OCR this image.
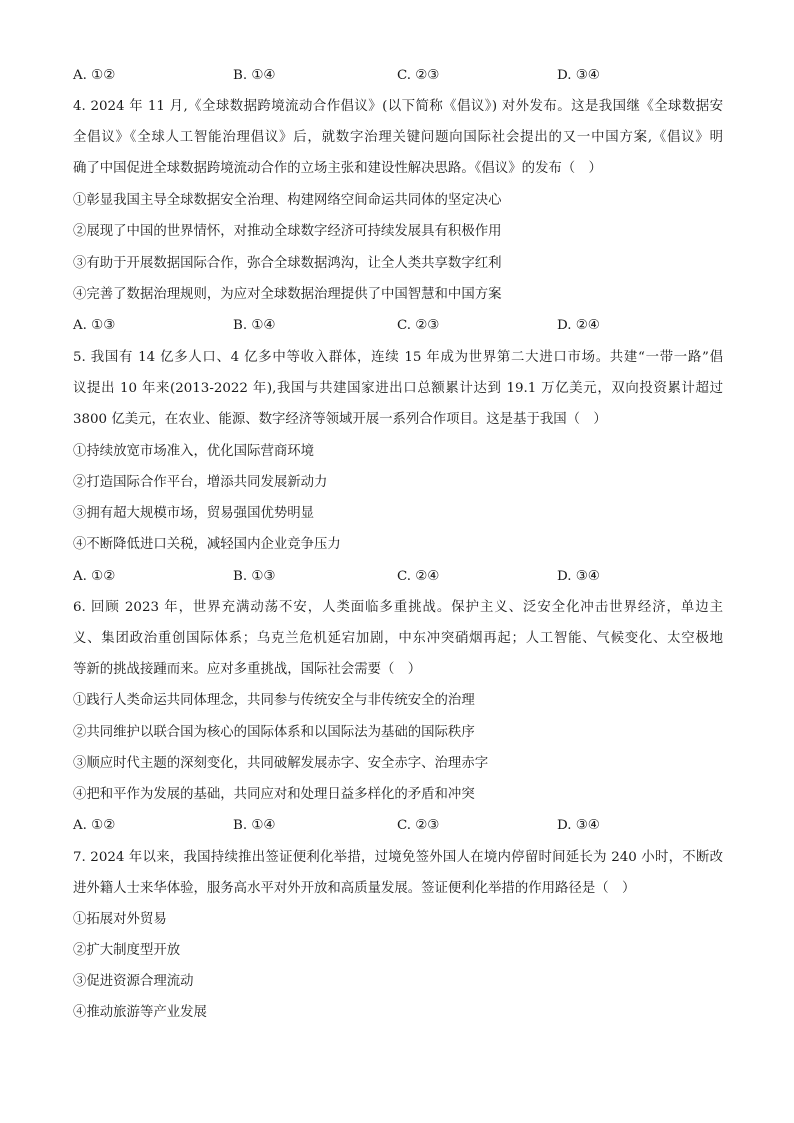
A. ①②	B. ①④	C. ②③	D. ③④
4. 2024 年 11 月,《全球数据跨境流动合作倡议》(以下简称《倡议》) 对外发布。这是我国继《全球数据安
全倡议》《全球人工智能治理倡议》后，就数字治理关键问题向国际社会提出的又一中国方案,《倡议》明
确了中国促进全球数据跨境流动合作的立场主张和建设性解决思路。《倡议》的发布（　）
①彰显我国主导全球数据安全治理、构建网络空间命运共同体的坚定决心
②展现了中国的世界情怀，对推动全球数字经济可持续发展具有积极作用
③有助于开展数据国际合作，弥合全球数据鸿沟，让全人类共享数字红利
④完善了数据治理规则，为应对全球数据治理提供了中国智慧和中国方案
A. ①③	B. ①④	C. ②③	D. ②④
5. 我国有 14 亿多人口、4 亿多中等收入群体，连续 15 年成为世界第二大进口市场。共建“一带一路”倡
议提出 10 年来(2013-2022 年),我国与共建国家进出口总额累计达到 19.1 万亿美元，双向投资累计超过
3800 亿美元，在农业、能源、数字经济等领域开展一系列合作项目。这是基于我国（　）
①持续放宽市场准入，优化国际营商环境
②打造国际合作平台，增添共同发展新动力
③拥有超大规模市场，贸易强国优势明显
④不断降低进口关税，减轻国内企业竞争压力
A. ①②	B. ①③	C. ②④	D. ③④
6. 回顾 2023 年，世界充满动荡不安，人类面临多重挑战。保护主义、泛安全化冲击世界经济，单边主
义、集团政治重创国际体系；乌克兰危机延宕加剧，中东冲突硝烟再起；人工智能、气候变化、太空极地
等新的挑战接踵而来。应对多重挑战，国际社会需要（　）
①践行人类命运共同体理念，共同参与传统安全与非传统安全的治理
②共同维护以联合国为核心的国际体系和以国际法为基础的国际秩序
③顺应时代主题的深刻变化，共同破解发展赤字、安全赤字、治理赤字
④把和平作为发展的基础，共同应对和处理日益多样化的矛盾和冲突
A. ①②	B. ①④	C. ②③	D. ③④
7. 2024 年以来，我国持续推出签证便利化举措，过境免签外国人在境内停留时间延长为 240 小时，不断改
进外籍人士来华体验，服务高水平对外开放和高质量发展。签证便利化举措的作用路径是（　）
①拓展对外贸易
②扩大制度型开放
③促进资源合理流动
④推动旅游等产业发展
